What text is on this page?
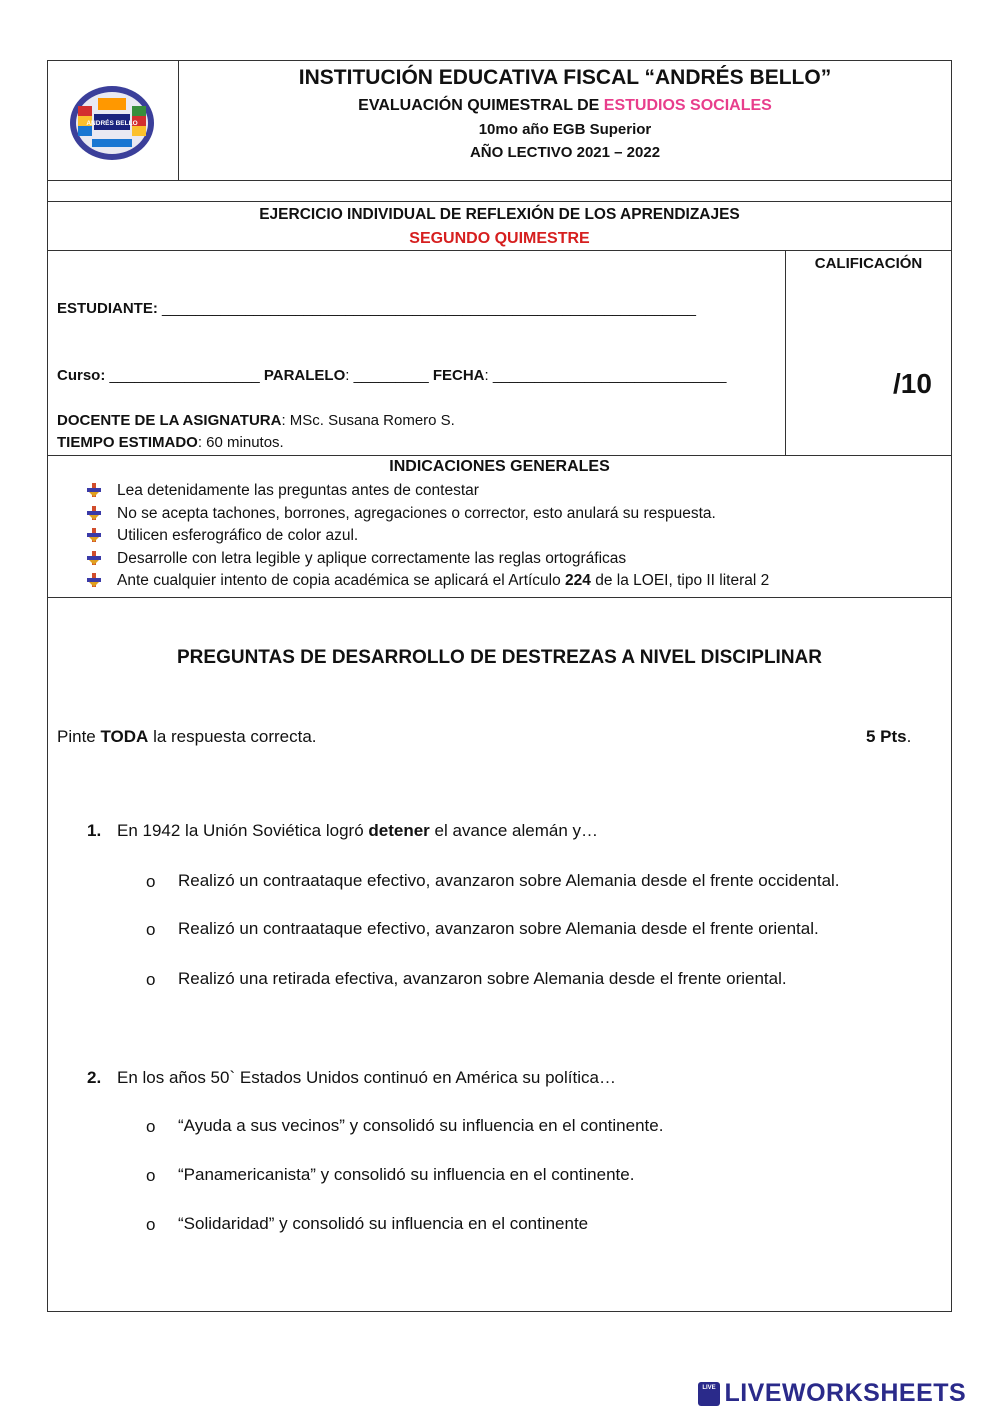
ANDRÉS BELLO
INSTITUCIÓN EDUCATIVA FISCAL “ANDRÉS BELLO”
EVALUACIÓN QUIMESTRAL DE ESTUDIOS SOCIALES
10mo año EGB Superior
AÑO LECTIVO 2021 – 2022
EJERCICIO INDIVIDUAL DE REFLEXIÓN DE LOS APRENDIZAJES
SEGUNDO QUIMESTRE
CALIFICACIÓN
/10
ESTUDIANTE: ________________________________________________________________
Curso: __________________ PARALELO: _________ FECHA: ____________________________
DOCENTE DE LA ASIGNATURA: MSc. Susana Romero S.
TIEMPO ESTIMADO: 60 minutos.
INDICACIONES GENERALES
Lea detenidamente las preguntas antes de contestar
No se acepta tachones, borrones, agregaciones o corrector, esto anulará su respuesta.
Utilicen esferográfico de color azul.
Desarrolle con letra legible y aplique correctamente las reglas ortográficas
Ante cualquier intento de copia académica se aplicará el Artículo 224 de la LOEI, tipo II literal 2
PREGUNTAS DE DESARROLLO DE DESTREZAS A NIVEL DISCIPLINAR
Pinte TODA la respuesta correcta.	5 Pts.
1. En 1942 la Unión Soviética logró detener el avance alemán y…
o Realizó un contraataque efectivo, avanzaron sobre Alemania desde el frente occidental.
o Realizó un contraataque efectivo, avanzaron sobre Alemania desde el frente oriental.
o Realizó una retirada efectiva, avanzaron sobre Alemania desde el frente oriental.
2. En los años 50` Estados Unidos continuó en América su política…
o “Ayuda a sus vecinos” y consolidó su influencia en el continente.
o “Panamericanista” y consolidó su influencia en el continente.
o “Solidaridad” y consolidó su influencia en el continente
LIVE LIVEWORKSHEETS
